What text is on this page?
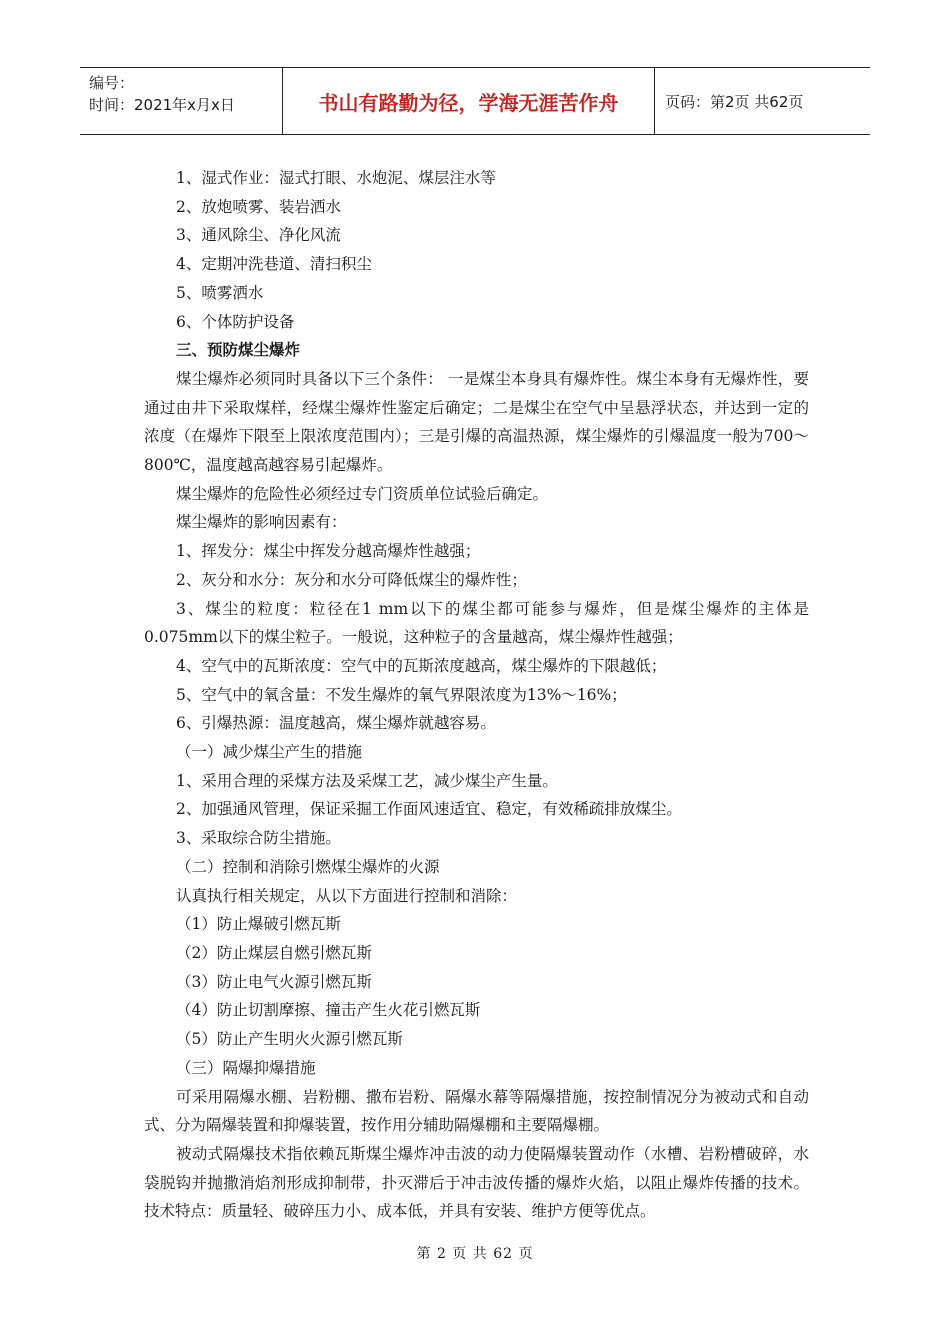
编号：
时间：2021年x月x日	书山有路勤为径，学海无涯苦作舟	页码：第2页 共62页

1、湿式作业：湿式打眼、水炮泥、煤层注水等

2、放炮喷雾、装岩洒水

3、通风除尘、净化风流

4、定期冲洗巷道、清扫积尘

5、喷雾洒水

6、个体防护设备

三、预防煤尘爆炸

煤尘爆炸必须同时具备以下三个条件： 一是煤尘本身具有爆炸性。煤尘本身有无爆炸性，要通过由井下采取煤样，经煤尘爆炸性鉴定后确定；二是煤尘在空气中呈悬浮状态，并达到一定的浓度（在爆炸下限至上限浓度范围内）；三是引爆的高温热源，煤尘爆炸的引爆温度一般为700～800℃，温度越高越容易引起爆炸。

煤尘爆炸的危险性必须经过专门资质单位试验后确定。

煤尘爆炸的影响因素有：

1、挥发分：煤尘中挥发分越高爆炸性越强；

2、灰分和水分：灰分和水分可降低煤尘的爆炸性；

3、煤尘的粒度：粒径在1 mm以下的煤尘都可能参与爆炸，但是煤尘爆炸的主体是0.075mm以下的煤尘粒子。一般说，这种粒子的含量越高，煤尘爆炸性越强；

4、空气中的瓦斯浓度：空气中的瓦斯浓度越高，煤尘爆炸的下限越低；

5、空气中的氧含量：不发生爆炸的氧气界限浓度为13%～16%；

6、引爆热源：温度越高，煤尘爆炸就越容易。

（一）减少煤尘产生的措施

1、采用合理的采煤方法及采煤工艺，减少煤尘产生量。

2、加强通风管理，保证采掘工作面风速适宜、稳定，有效稀疏排放煤尘。

3、采取综合防尘措施。

（二）控制和消除引燃煤尘爆炸的火源

认真执行相关规定，从以下方面进行控制和消除：

（1）防止爆破引燃瓦斯

（2）防止煤层自燃引燃瓦斯

（3）防止电气火源引燃瓦斯

（4）防止切割摩擦、撞击产生火花引燃瓦斯

（5）防止产生明火火源引燃瓦斯

（三）隔爆抑爆措施

可采用隔爆水棚、岩粉棚、撒布岩粉、隔爆水幕等隔爆措施，按控制情况分为被动式和自动式、分为隔爆装置和抑爆装置，按作用分辅助隔爆棚和主要隔爆棚。

被动式隔爆技术指依赖瓦斯煤尘爆炸冲击波的动力使隔爆装置动作（水槽、岩粉槽破碎，水袋脱钩并抛撒消焰剂形成抑制带，扑灭滞后于冲击波传播的爆炸火焰，以阻止爆炸传播的技术。技术特点：质量轻、破碎压力小、成本低，并具有安装、维护方便等优点。

第 2 页 共 62 页
